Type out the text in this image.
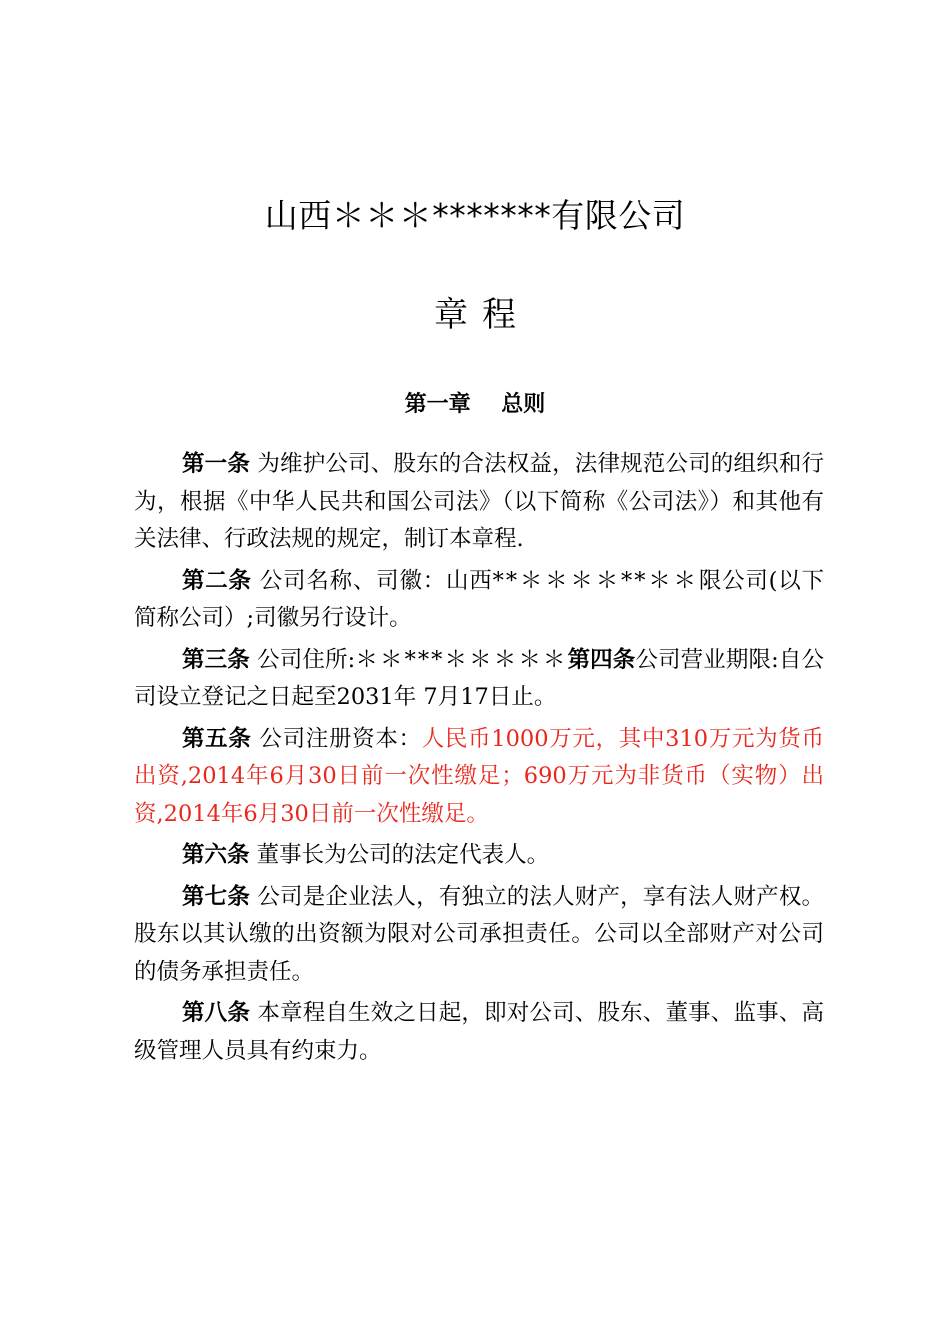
山西＊＊＊*******有限公司
章程
第一章    总则

第一条 为维护公司、股东的合法权益，法律规范公司的组织和行为，根据《中华人民共和国公司法》（以下简称《公司法》）和其他有关法律、行政法规的规定，制订本章程.

第二条 公司名称、司徽：山西**＊＊＊＊**＊＊限公司(以下简称公司）;司徽另行设计。

第三条 公司住所:＊＊***＊＊＊＊＊第四条公司营业期限:自公司设立登记之日起至2031年 7月17日止。

第五条 公司注册资本：人民币1000万元，其中310万元为货币出资,2014年6月30日前一次性缴足；690万元为非货币（实物）出资,2014年6月30日前一次性缴足。

第六条 董事长为公司的法定代表人。

第七条 公司是企业法人，有独立的法人财产，享有法人财产权。股东以其认缴的出资额为限对公司承担责任。公司以全部财产对公司的债务承担责任。

第八条 本章程自生效之日起，即对公司、股东、董事、监事、高级管理人员具有约束力。
